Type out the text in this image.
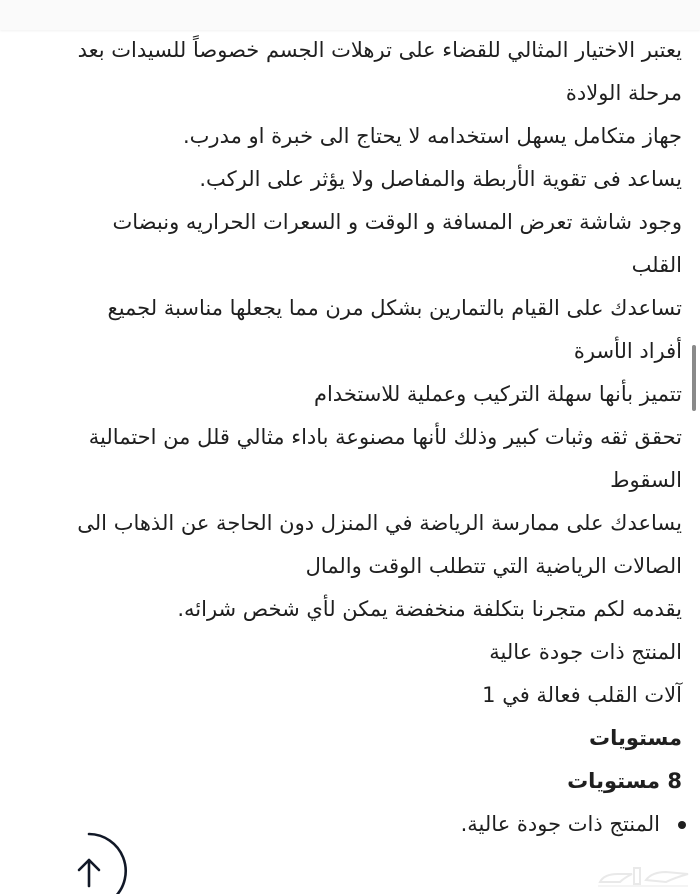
يعتبر الاختيار المثالي للقضاء على ترهلات الجسم خصوصاً للسيدات بعد
مرحلة الولادة
جهاز متكامل يسهل استخدامه لا يحتاج الى خبرة او مدرب.
يساعد فى تقوية الأربطة والمفاصل ولا يؤثر على الركب.
وجود شاشة تعرض المسافة و الوقت و السعرات الحراريه ونبضات
القلب
تساعدك على القيام بالتمارين بشكل مرن مما يجعلها مناسبة لجميع
أفراد الأسرة
تتميز بأنها سهلة التركيب وعملية للاستخدام
تحقق ثقه وثبات كبير وذلك لأنها مصنوعة باداء مثالي قلل من احتمالية
السقوط
يساعدك على ممارسة الرياضة في المنزل دون الحاجة عن الذهاب الى
الصالات الرياضية التي تتطلب الوقت والمال
يقدمه لكم متجرنا بتكلفة منخفضة يمكن لأي شخص شرائه.
المنتج ذات جودة عالية
آلات القلب فعالة في 1
مستويات
8 مستويات
المنتج ذات جودة عالية.
